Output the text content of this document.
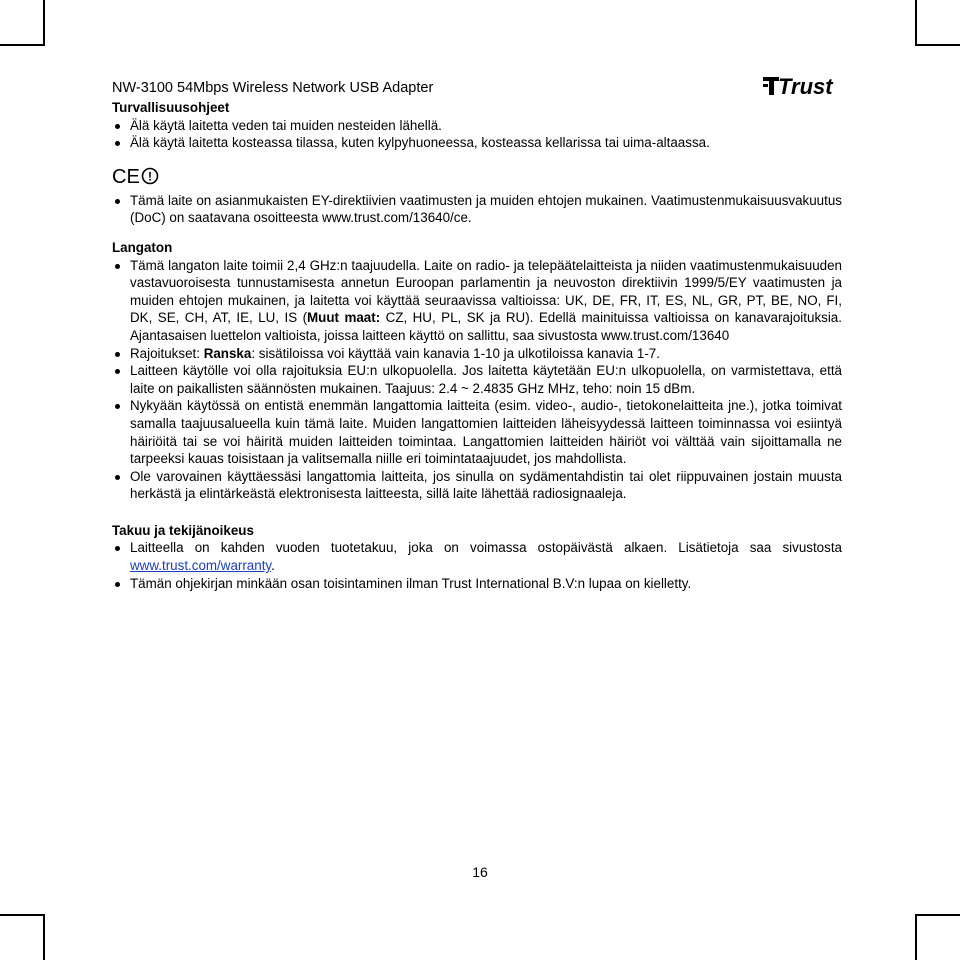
NW-3100 54Mbps Wireless Network USB Adapter	Trust

Turvallisuusohjeet

Älä käytä laitetta veden tai muiden nesteiden lähellä.
Älä käytä laitetta kosteassa tilassa, kuten kylpyhuoneessa, kosteassa kellarissa tai uima-altaassa.
CE !
Tämä laite on asianmukaisten EY-direktiivien vaatimusten ja muiden ehtojen mukainen. Vaatimustenmukaisuusvakuutus (DoC) on saatavana osoitteesta www.trust.com/13640/ce.

Langaton

Tämä langaton laite toimii 2,4 GHz:n taajuudella. Laite on radio- ja telepäätelaitteista ja niiden vaatimustenmukaisuuden vastavuoroisesta tunnustamisesta annetun Euroopan parlamentin ja neuvoston direktiivin 1999/5/EY vaatimusten ja muiden ehtojen mukainen, ja laitetta voi käyttää seuraavissa valtioissa: UK, DE, FR, IT, ES, NL, GR, PT, BE, NO, FI, DK, SE, CH, AT, IE, LU, IS (Muut maat: CZ, HU, PL, SK ja RU). Edellä mainituissa valtioissa on kanavarajoituksia. Ajantasaisen luettelon valtioista, joissa laitteen käyttö on sallittu, saa sivustosta www.trust.com/13640
Rajoitukset: Ranska: sisätiloissa voi käyttää vain kanavia 1-10 ja ulkotiloissa kanavia 1-7.
Laitteen käytölle voi olla rajoituksia EU:n ulkopuolella. Jos laitetta käytetään EU:n ulkopuolella, on varmistettava, että laite on paikallisten säännösten mukainen. Taajuus: 2.4 ~ 2.4835 GHz MHz, teho: noin 15 dBm.
Nykyään käytössä on entistä enemmän langattomia laitteita (esim. video-, audio-, tietokonelaitteita jne.), jotka toimivat samalla taajuusalueella kuin tämä laite. Muiden langattomien laitteiden läheisyydessä laitteen toiminnassa voi esiintyä häiriöitä tai se voi häiritä muiden laitteiden toimintaa. Langattomien laitteiden häiriöt voi välttää vain sijoittamalla ne tarpeeksi kauas toisistaan ja valitsemalla niille eri toimintataajuudet, jos mahdollista.
Ole varovainen käyttäessäsi langattomia laitteita, jos sinulla on sydämentahdistin tai olet riippuvainen jostain muusta herkästä ja elintärkeästä elektronisesta laitteesta, sillä laite lähettää radiosignaaleja.

Takuu ja tekijänoikeus

Laitteella on kahden vuoden tuotetakuu, joka on voimassa ostopäivästä alkaen. Lisätietoja saa sivustosta www.trust.com/warranty.
Tämän ohjekirjan minkään osan toisintaminen ilman Trust International B.V:n lupaa on kielletty.
16
